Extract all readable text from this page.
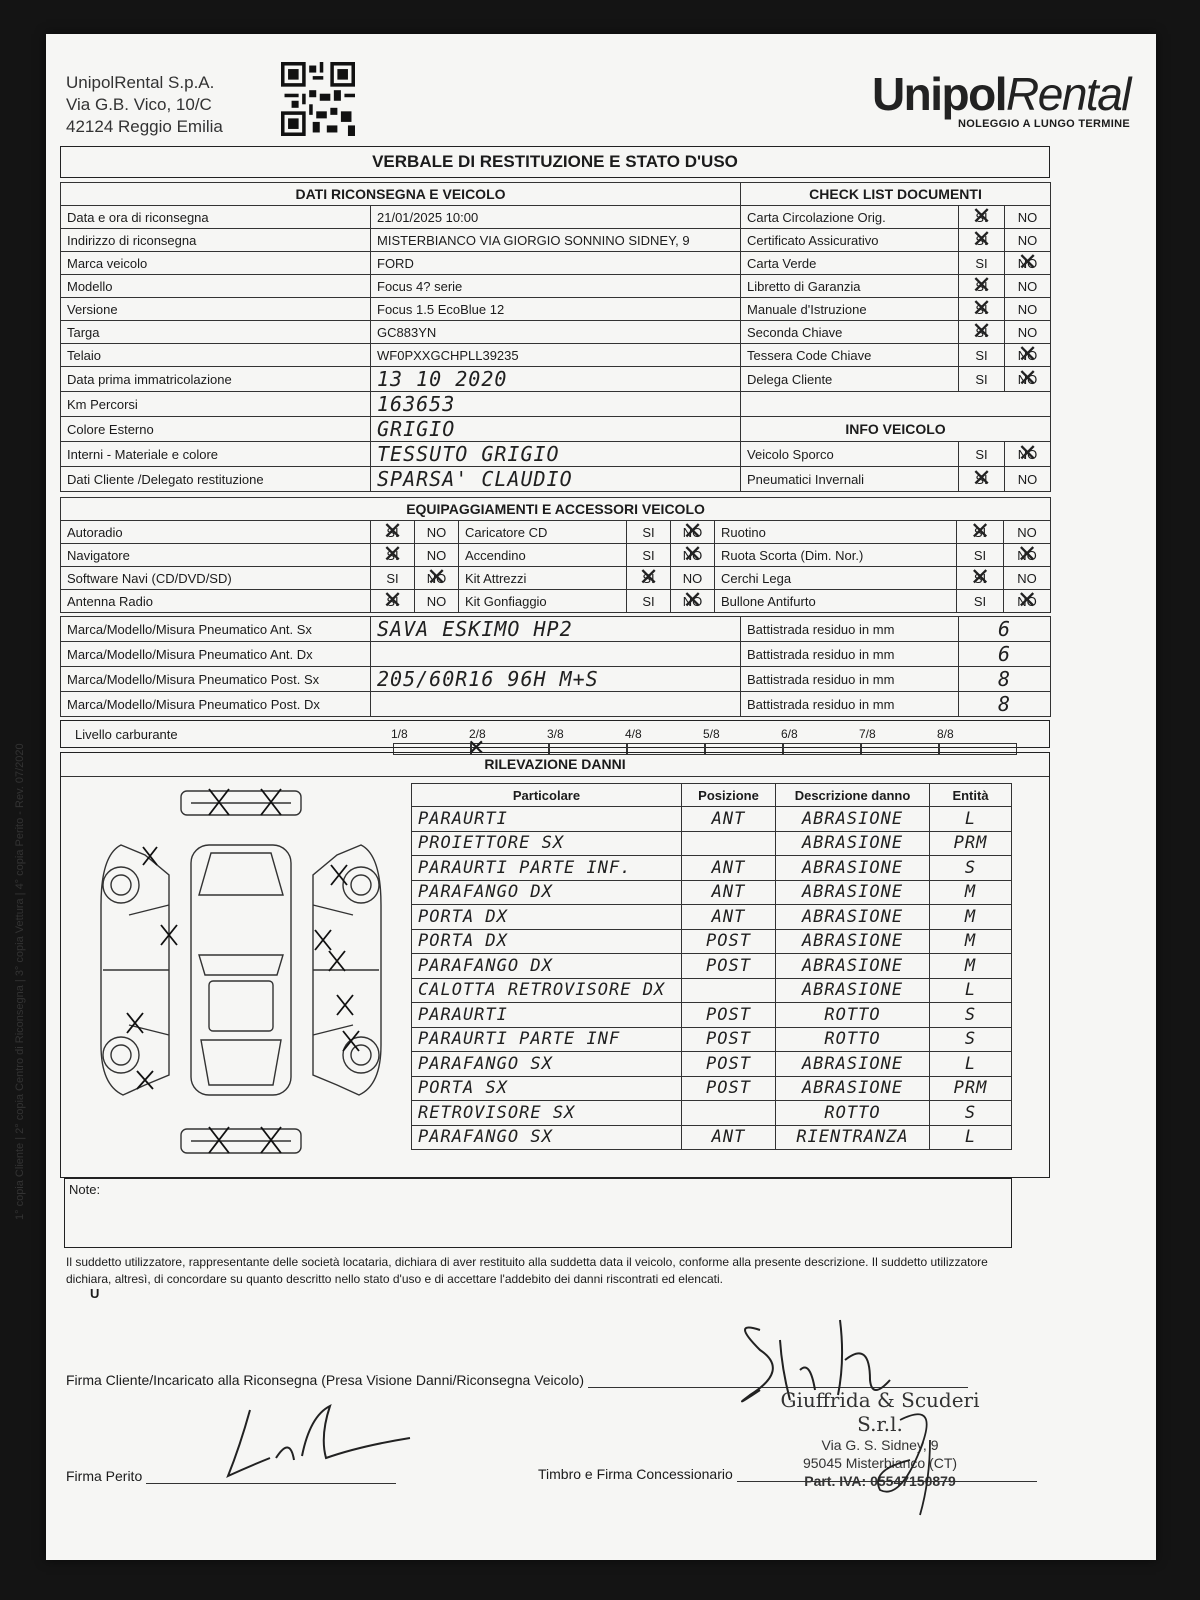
UnipolRental S.p.A.
Via G.B. Vico, 10/C
42124 Reggio Emilia
UnipolRental
NOLEGGIO A LUNGO TERMINE
VERBALE DI RESTITUZIONE E STATO D'USO
DATI RICONSEGNA E VEICOLO		CHECK LIST DOCUMENTI		
Data e ora di riconsegna	21/01/2025 10:00	Carta Circolazione Orig.	SI ✕	NO
Indirizzo di riconsegna	MISTERBIANCO VIA GIORGIO SONNINO SIDNEY, 9	Certificato Assicurativo	SI ✕	NO
Marca veicolo	FORD	Carta Verde	SI	NO ✕
Modello	Focus 4? serie	Libretto di Garanzia	SI ✕	NO
Versione	Focus 1.5 EcoBlue 12	Manuale d'Istruzione	SI ✕	NO
Targa	GC883YN	Seconda Chiave	SI ✕	NO
Telaio	WF0PXXGCHPLL39235	Tessera Code Chiave	SI	NO ✕
Data prima immatricolazione	13 10 2020	Delega Cliente	SI	NO ✕
Km Percorsi	163653			
Colore Esterno	GRIGIO	INFO VEICOLO		
Interni - Materiale e colore	TESSUTO GRIGIO	Veicolo Sporco	SI	NO ✕
Dati Cliente /Delegato restituzione	SPARSA' CLAUDIO	Pneumatici Invernali	SI ✕	NO
EQUIPAGGIAMENTI E ACCESSORI VEICOLO								
Autoradio	SI ✕	NO	Caricatore CD	SI	NO ✕	Ruotino	SI ✕	NO
Navigatore	SI ✕	NO	Accendino	SI	NO ✕	Ruota Scorta (Dim. Nor.)	SI	NO ✕
Software Navi (CD/DVD/SD)	SI	NO ✕	Kit Attrezzi	SI ✕	NO	Cerchi Lega	SI ✕	NO
Antenna Radio	SI ✕	NO	Kit Gonfiaggio	SI	NO ✕	Bullone Antifurto	SI	NO ✕
Marca/Modello/Misura Pneumatico Ant. Sx	SAVA ESKIMO HP2	Battistrada residuo in mm	6
Marca/Modello/Misura Pneumatico Ant. Dx		Battistrada residuo in mm	6
Marca/Modello/Misura Pneumatico Post. Sx	205/60R16 96H M+S	Battistrada residuo in mm	8
Marca/Modello/Misura Pneumatico Post. Dx		Battistrada residuo in mm	8
Livello carburante	1/8	2/8✕	3/8	4/8	5/8	6/8	7/8	8/8
RILEVAZIONE DANNI
Particolare	Posizione	Descrizione danno	Entità
PARAURTI	ANT	ABRASIONE	L
PROIETTORE SX		ABRASIONE	PRM
PARAURTI PARTE INF.	ANT	ABRASIONE	S
PARAFANGO DX	ANT	ABRASIONE	M
PORTA DX	ANT	ABRASIONE	M
PORTA DX	POST	ABRASIONE	M
PARAFANGO DX	POST	ABRASIONE	M
CALOTTA RETROVISORE DX		ABRASIONE	L
PARAURTI	POST	ROTTO	S
PARAURTI PARTE INF	POST	ROTTO	S
PARAFANGO SX	POST	ABRASIONE	L
PORTA SX	POST	ABRASIONE	PRM
RETROVISORE SX		ROTTO	S
PARAFANGO SX	ANT	RIENTRANZA	L
Note:
Il suddetto utilizzatore, rappresentante delle società locataria, dichiara di aver restituito alla suddetta data il veicolo, conforme alla presente descrizione. Il suddetto utilizzatore dichiara, altresì, di concordare su quanto descritto nello stato d'uso e di accettare l'addebito dei danni riscontrati ed elencati.
Firma Cliente/Incaricato alla Riconsegna (Presa Visione Danni/Riconsegna Veicolo)
Firma Perito	Timbro e Firma Concessionario
Giuffrida & Scuderi S.r.l.
Via G. S. Sidney, 9
95045 Misterbianco (CT)
Part. IVA: 05547150879
1° copia Cliente | 2° copia Centro di Riconsegna | 3° copia Vettura | 4° copia Perito - Rev. 07/2020
U
